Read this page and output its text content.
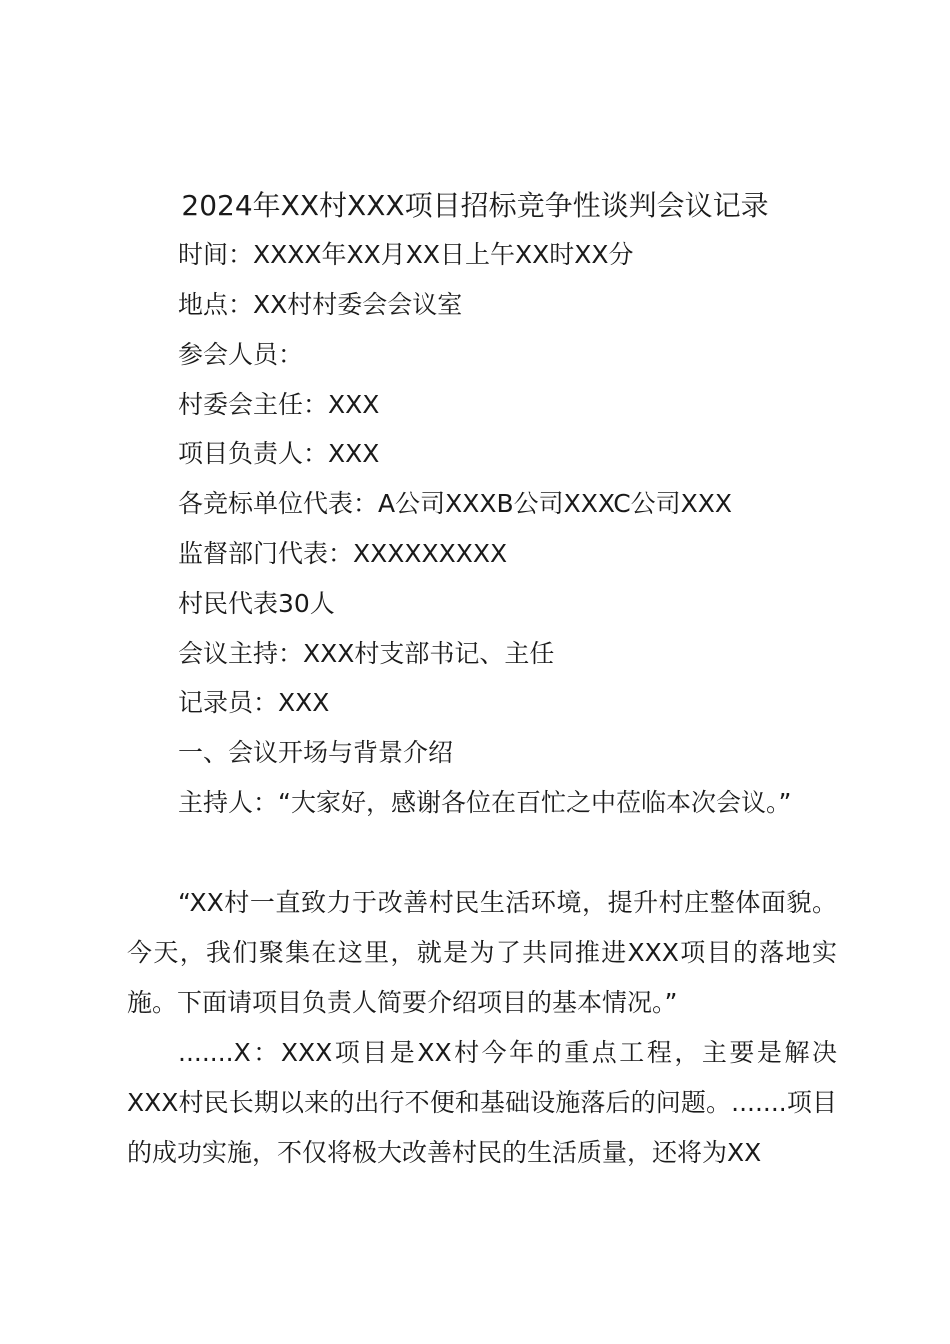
2024年XX村XXX项目招标竞争性谈判会议记录
时间：XXXX年XX月XX日上午XX时XX分
地点：XX村村委会会议室
参会人员：
村委会主任：XXX
项目负责人：XXX
各竞标单位代表：A公司XXXB公司XXXC公司XXX
监督部门代表：XXXXXXXXX
村民代表30人
会议主持：XXX村支部书记、主任
记录员：XXX
一、会议开场与背景介绍
主持人：“大家好，感谢各位在百忙之中莅临本次会议。”
“XX村一直致力于改善村民生活环境，提升村庄整体面貌。今天，我们聚集在这里，就是为了共同推进XXX项目的落地实施。下面请项目负责人简要介绍项目的基本情况。”
.......X：XXX项目是XX村今年的重点工程，主要是解决XXX村民长期以来的出行不便和基础设施落后的问题。.......项目的成功实施，不仅将极大改善村民的生活质量，还将为XX
